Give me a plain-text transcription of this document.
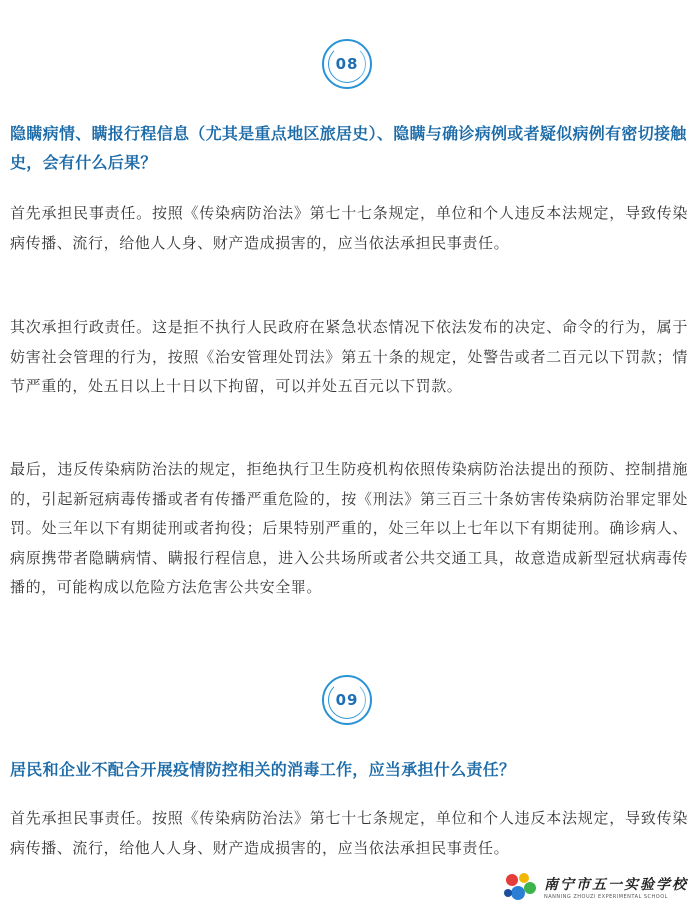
08
隐瞒病情、瞒报行程信息（尤其是重点地区旅居史）、隐瞒与确诊病例或者疑似病例有密切接触史，会有什么后果？
首先承担民事责任。按照《传染病防治法》第七十七条规定，单位和个人违反本法规定，导致传染病传播、流行，给他人人身、财产造成损害的，应当依法承担民事责任。
其次承担行政责任。这是拒不执行人民政府在紧急状态情况下依法发布的决定、命令的行为，属于妨害社会管理的行为，按照《治安管理处罚法》第五十条的规定，处警告或者二百元以下罚款；情节严重的，处五日以上十日以下拘留，可以并处五百元以下罚款。
最后，违反传染病防治法的规定，拒绝执行卫生防疫机构依照传染病防治法提出的预防、控制措施的，引起新冠病毒传播或者有传播严重危险的，按《刑法》第三百三十条妨害传染病防治罪定罪处罚。处三年以下有期徒刑或者拘役；后果特别严重的，处三年以上七年以下有期徒刑。确诊病人、病原携带者隐瞒病情、瞒报行程信息，进入公共场所或者公共交通工具，故意造成新型冠状病毒传播的，可能构成以危险方法危害公共安全罪。
09
居民和企业不配合开展疫情防控相关的消毒工作，应当承担什么责任？
首先承担民事责任。按照《传染病防治法》第七十七条规定，单位和个人违反本法规定，导致传染病传播、流行，给他人人身、财产造成损害的，应当依法承担民事责任。
南宁市五一实验学校
NANNING ZHOUZI EXPERIMENTAL SCHOOL
